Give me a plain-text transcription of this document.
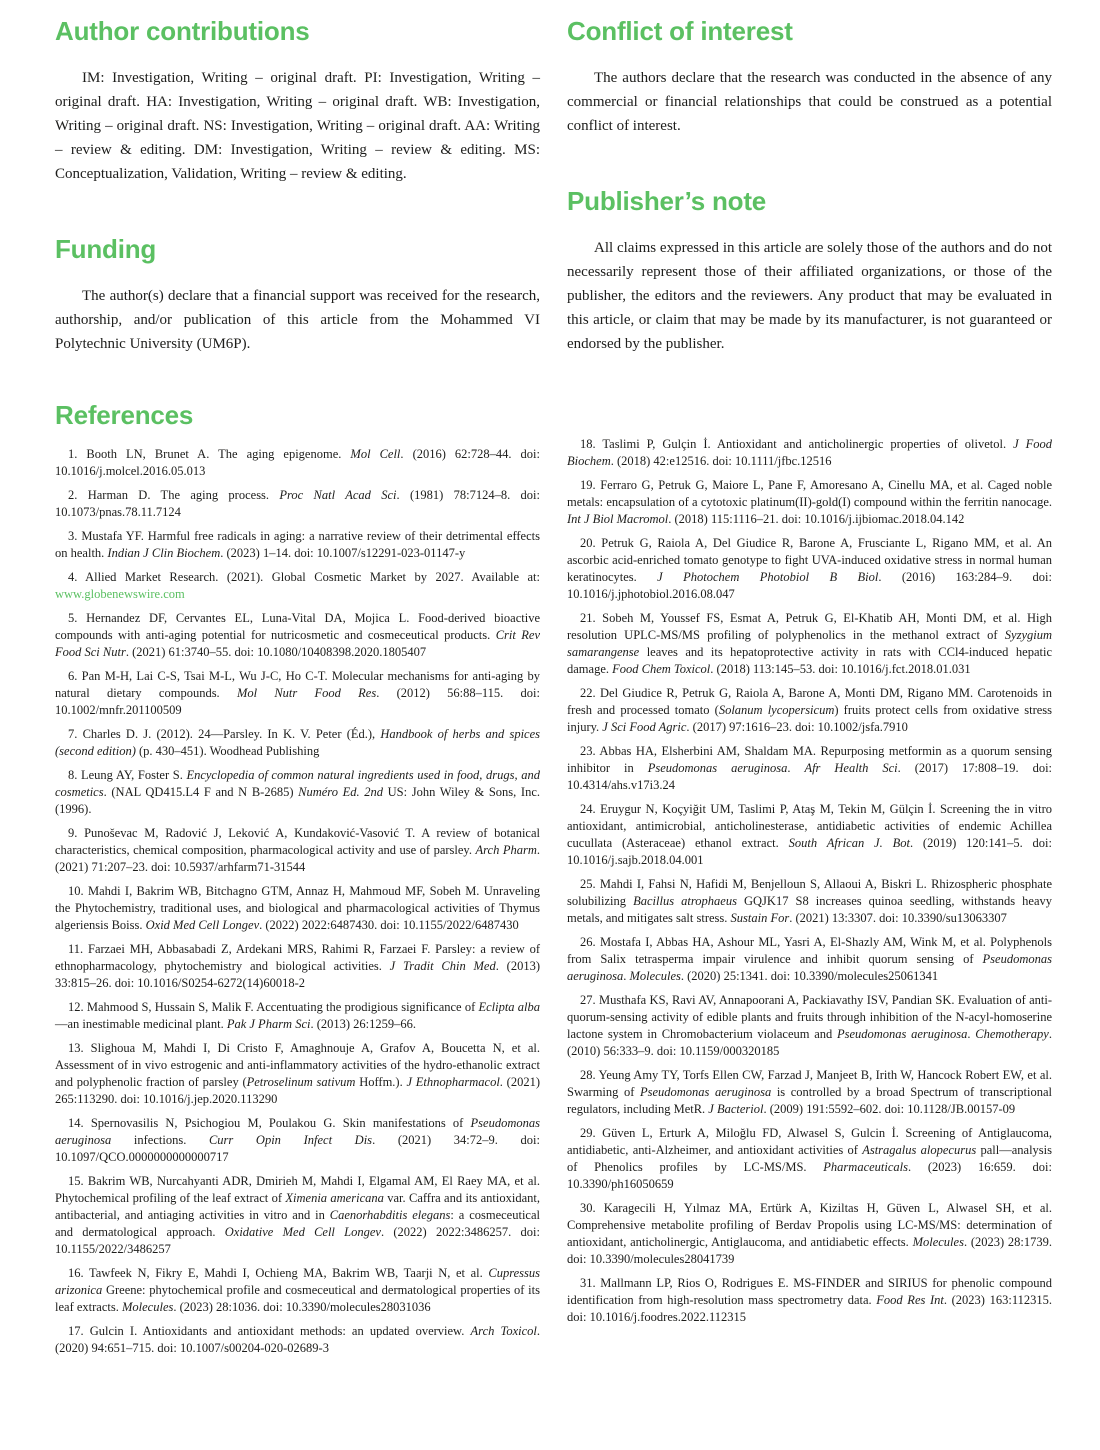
Author contributions

IM: Investigation, Writing – original draft. PI: Investigation, Writing – original draft. HA: Investigation, Writing – original draft. WB: Investigation, Writing – original draft. NS: Investigation, Writing – original draft. AA: Writing – review & editing. DM: Investigation, Writing – review & editing. MS: Conceptualization, Validation, Writing – review & editing.

Funding

The author(s) declare that a financial support was received for the research, authorship, and/or publication of this article from the Mohammed VI Polytechnic University (UM6P).

References

1. Booth LN, Brunet A. The aging epigenome. Mol Cell. (2016) 62:728–44. doi: 10.1016/j.molcel.2016.05.013

2. Harman D. The aging process. Proc Natl Acad Sci. (1981) 78:7124–8. doi: 10.1073/pnas.78.11.7124

3. Mustafa YF. Harmful free radicals in aging: a narrative review of their detrimental effects on health. Indian J Clin Biochem. (2023) 1–14. doi: 10.1007/s12291-023-01147-y

4. Allied Market Research. (2021). Global Cosmetic Market by 2027. Available at: www.globenewswire.com

5. Hernandez DF, Cervantes EL, Luna-Vital DA, Mojica L. Food-derived bioactive compounds with anti-aging potential for nutricosmetic and cosmeceutical products. Crit Rev Food Sci Nutr. (2021) 61:3740–55. doi: 10.1080/10408398.2020.1805407

6. Pan M-H, Lai C-S, Tsai M-L, Wu J-C, Ho C-T. Molecular mechanisms for anti-aging by natural dietary compounds. Mol Nutr Food Res. (2012) 56:88–115. doi: 10.1002/mnfr.201100509

7. Charles D. J. (2012). 24—Parsley. In K. V. Peter (Éd.), Handbook of herbs and spices (second edition) (p. 430–451). Woodhead Publishing

8. Leung AY, Foster S. Encyclopedia of common natural ingredients used in food, drugs, and cosmetics. (NAL QD415.L4 F and N B-2685) Numéro Ed. 2nd US: John Wiley & Sons, Inc. (1996).

9. Punoševac M, Radović J, Leković A, Kundaković-Vasović T. A review of botanical characteristics, chemical composition, pharmacological activity and use of parsley. Arch Pharm. (2021) 71:207–23. doi: 10.5937/arhfarm71-31544

10. Mahdi I, Bakrim WB, Bitchagno GTM, Annaz H, Mahmoud MF, Sobeh M. Unraveling the Phytochemistry, traditional uses, and biological and pharmacological activities of Thymus algeriensis Boiss. Oxid Med Cell Longev. (2022) 2022:6487430. doi: 10.1155/2022/6487430

11. Farzaei MH, Abbasabadi Z, Ardekani MRS, Rahimi R, Farzaei F. Parsley: a review of ethnopharmacology, phytochemistry and biological activities. J Tradit Chin Med. (2013) 33:815–26. doi: 10.1016/S0254-6272(14)60018-2

12. Mahmood S, Hussain S, Malik F. Accentuating the prodigious significance of Eclipta alba—an inestimable medicinal plant. Pak J Pharm Sci. (2013) 26:1259–66.

13. Slighoua M, Mahdi I, Di Cristo F, Amaghnouje A, Grafov A, Boucetta N, et al. Assessment of in vivo estrogenic and anti-inflammatory activities of the hydro-ethanolic extract and polyphenolic fraction of parsley (Petroselinum sativum Hoffm.). J Ethnopharmacol. (2021) 265:113290. doi: 10.1016/j.jep.2020.113290

14. Spernovasilis N, Psichogiou M, Poulakou G. Skin manifestations of Pseudomonas aeruginosa infections. Curr Opin Infect Dis. (2021) 34:72–9. doi: 10.1097/QCO.0000000000000717

15. Bakrim WB, Nurcahyanti ADR, Dmirieh M, Mahdi I, Elgamal AM, El Raey MA, et al. Phytochemical profiling of the leaf extract of Ximenia americana var. Caffra and its antioxidant, antibacterial, and antiaging activities in vitro and in Caenorhabditis elegans: a cosmeceutical and dermatological approach. Oxidative Med Cell Longev. (2022) 2022:3486257. doi: 10.1155/2022/3486257

16. Tawfeek N, Fikry E, Mahdi I, Ochieng MA, Bakrim WB, Taarji N, et al. Cupressus arizonica Greene: phytochemical profile and cosmeceutical and dermatological properties of its leaf extracts. Molecules. (2023) 28:1036. doi: 10.3390/molecules28031036

17. Gulcin I. Antioxidants and antioxidant methods: an updated overview. Arch Toxicol. (2020) 94:651–715. doi: 10.1007/s00204-020-02689-3

Conflict of interest

The authors declare that the research was conducted in the absence of any commercial or financial relationships that could be construed as a potential conflict of interest.

Publisher’s note

All claims expressed in this article are solely those of the authors and do not necessarily represent those of their affiliated organizations, or those of the publisher, the editors and the reviewers. Any product that may be evaluated in this article, or claim that may be made by its manufacturer, is not guaranteed or endorsed by the publisher.

18. Taslimi P, Gulçin İ. Antioxidant and anticholinergic properties of olivetol. J Food Biochem. (2018) 42:e12516. doi: 10.1111/jfbc.12516

19. Ferraro G, Petruk G, Maiore L, Pane F, Amoresano A, Cinellu MA, et al. Caged noble metals: encapsulation of a cytotoxic platinum(II)-gold(I) compound within the ferritin nanocage. Int J Biol Macromol. (2018) 115:1116–21. doi: 10.1016/j.ijbiomac.2018.04.142

20. Petruk G, Raiola A, Del Giudice R, Barone A, Frusciante L, Rigano MM, et al. An ascorbic acid-enriched tomato genotype to fight UVA-induced oxidative stress in normal human keratinocytes. J Photochem Photobiol B Biol. (2016) 163:284–9. doi: 10.1016/j.jphotobiol.2016.08.047

21. Sobeh M, Youssef FS, Esmat A, Petruk G, El-Khatib AH, Monti DM, et al. High resolution UPLC-MS/MS profiling of polyphenolics in the methanol extract of Syzygium samarangense leaves and its hepatoprotective activity in rats with CCl4-induced hepatic damage. Food Chem Toxicol. (2018) 113:145–53. doi: 10.1016/j.fct.2018.01.031

22. Del Giudice R, Petruk G, Raiola A, Barone A, Monti DM, Rigano MM. Carotenoids in fresh and processed tomato (Solanum lycopersicum) fruits protect cells from oxidative stress injury. J Sci Food Agric. (2017) 97:1616–23. doi: 10.1002/jsfa.7910

23. Abbas HA, Elsherbini AM, Shaldam MA. Repurposing metformin as a quorum sensing inhibitor in Pseudomonas aeruginosa. Afr Health Sci. (2017) 17:808–19. doi: 10.4314/ahs.v17i3.24

24. Eruygur N, Koçyiğit UM, Taslimi P, Ataş M, Tekin M, Gülçin İ. Screening the in vitro antioxidant, antimicrobial, anticholinesterase, antidiabetic activities of endemic Achillea cucullata (Asteraceae) ethanol extract. South African J. Bot. (2019) 120:141–5. doi: 10.1016/j.sajb.2018.04.001

25. Mahdi I, Fahsi N, Hafidi M, Benjelloun S, Allaoui A, Biskri L. Rhizospheric phosphate solubilizing Bacillus atrophaeus GQJK17 S8 increases quinoa seedling, withstands heavy metals, and mitigates salt stress. Sustain For. (2021) 13:3307. doi: 10.3390/su13063307

26. Mostafa I, Abbas HA, Ashour ML, Yasri A, El-Shazly AM, Wink M, et al. Polyphenols from Salix tetrasperma impair virulence and inhibit quorum sensing of Pseudomonas aeruginosa. Molecules. (2020) 25:1341. doi: 10.3390/molecules25061341

27. Musthafa KS, Ravi AV, Annapoorani A, Packiavathy ISV, Pandian SK. Evaluation of anti-quorum-sensing activity of edible plants and fruits through inhibition of the N-acyl-homoserine lactone system in Chromobacterium violaceum and Pseudomonas aeruginosa. Chemotherapy. (2010) 56:333–9. doi: 10.1159/000320185

28. Yeung Amy TY, Torfs Ellen CW, Farzad J, Manjeet B, Irith W, Hancock Robert EW, et al. Swarming of Pseudomonas aeruginosa is controlled by a broad Spectrum of transcriptional regulators, including MetR. J Bacteriol. (2009) 191:5592–602. doi: 10.1128/JB.00157-09

29. Güven L, Erturk A, Miloğlu FD, Alwasel S, Gulcin İ. Screening of Antiglaucoma, antidiabetic, anti-Alzheimer, and antioxidant activities of Astragalus alopecurus pall—analysis of Phenolics profiles by LC-MS/MS. Pharmaceuticals. (2023) 16:659. doi: 10.3390/ph16050659

30. Karagecili H, Yılmaz MA, Ertürk A, Kiziltas H, Güven L, Alwasel SH, et al. Comprehensive metabolite profiling of Berdav Propolis using LC-MS/MS: determination of antioxidant, anticholinergic, Antiglaucoma, and antidiabetic effects. Molecules. (2023) 28:1739. doi: 10.3390/molecules28041739

31. Mallmann LP, Rios O, Rodrigues E. MS-FINDER and SIRIUS for phenolic compound identification from high-resolution mass spectrometry data. Food Res Int. (2023) 163:112315. doi: 10.1016/j.foodres.2022.112315
